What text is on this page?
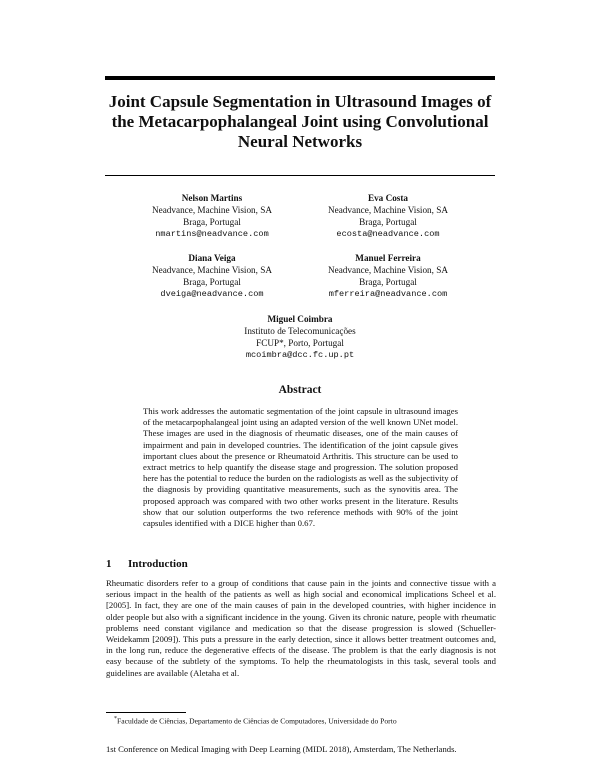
Joint Capsule Segmentation in Ultrasound Images of the Metacarpophalangeal Joint using Convolutional Neural Networks
Nelson Martins
Neadvance, Machine Vision, SA
Braga, Portugal
nmartins@neadvance.com
Eva Costa
Neadvance, Machine Vision, SA
Braga, Portugal
ecosta@neadvance.com
Diana Veiga
Neadvance, Machine Vision, SA
Braga, Portugal
dveiga@neadvance.com
Manuel Ferreira
Neadvance, Machine Vision, SA
Braga, Portugal
mferreira@neadvance.com
Miguel Coimbra
Instituto de Telecomunicações
FCUP*, Porto, Portugal
mcoimbra@dcc.fc.up.pt
Abstract

This work addresses the automatic segmentation of the joint capsule in ultrasound images of the metacarpophalangeal joint using an adapted version of the well known UNet model. These images are used in the diagnosis of rheumatic diseases, one of the main causes of impairment and pain in developed countries. The identification of the joint capsule gives important clues about the presence or Rheumatoid Arthritis. This structure can be used to extract metrics to help quantify the disease stage and progression. The solution proposed here has the potential to reduce the burden on the radiologists as well as the subjectivity of the diagnosis by providing quantitative measurements, such as the synovitis area. The proposed approach was compared with two other works present in the literature. Results show that our solution outperforms the two reference methods with 90% of the joint capsules identified with a DICE higher than 0.67.

1 Introduction

Rheumatic disorders refer to a group of conditions that cause pain in the joints and connective tissue with a serious impact in the health of the patients as well as high social and economical implications Scheel et al. [2005]. In fact, they are one of the main causes of pain in the developed countries, with higher incidence in older people but also with a significant incidence in the young. Given its chronic nature, people with rheumatic problems need constant vigilance and medication so that the disease progression is slowed (Schueller-Weidekamm [2009]). This puts a pressure in the early detection, since it allows better treatment outcomes and, in the long run, reduce the degenerative effects of the disease. The problem is that the early diagnosis is not easy because of the subtlety of the symptoms. To help the rheumatologists in this task, several tools and guidelines are available (Aletaha et al.

*Faculdade de Ciências, Departamento de Ciências de Computadores, Universidade do Porto

1st Conference on Medical Imaging with Deep Learning (MIDL 2018), Amsterdam, The Netherlands.
